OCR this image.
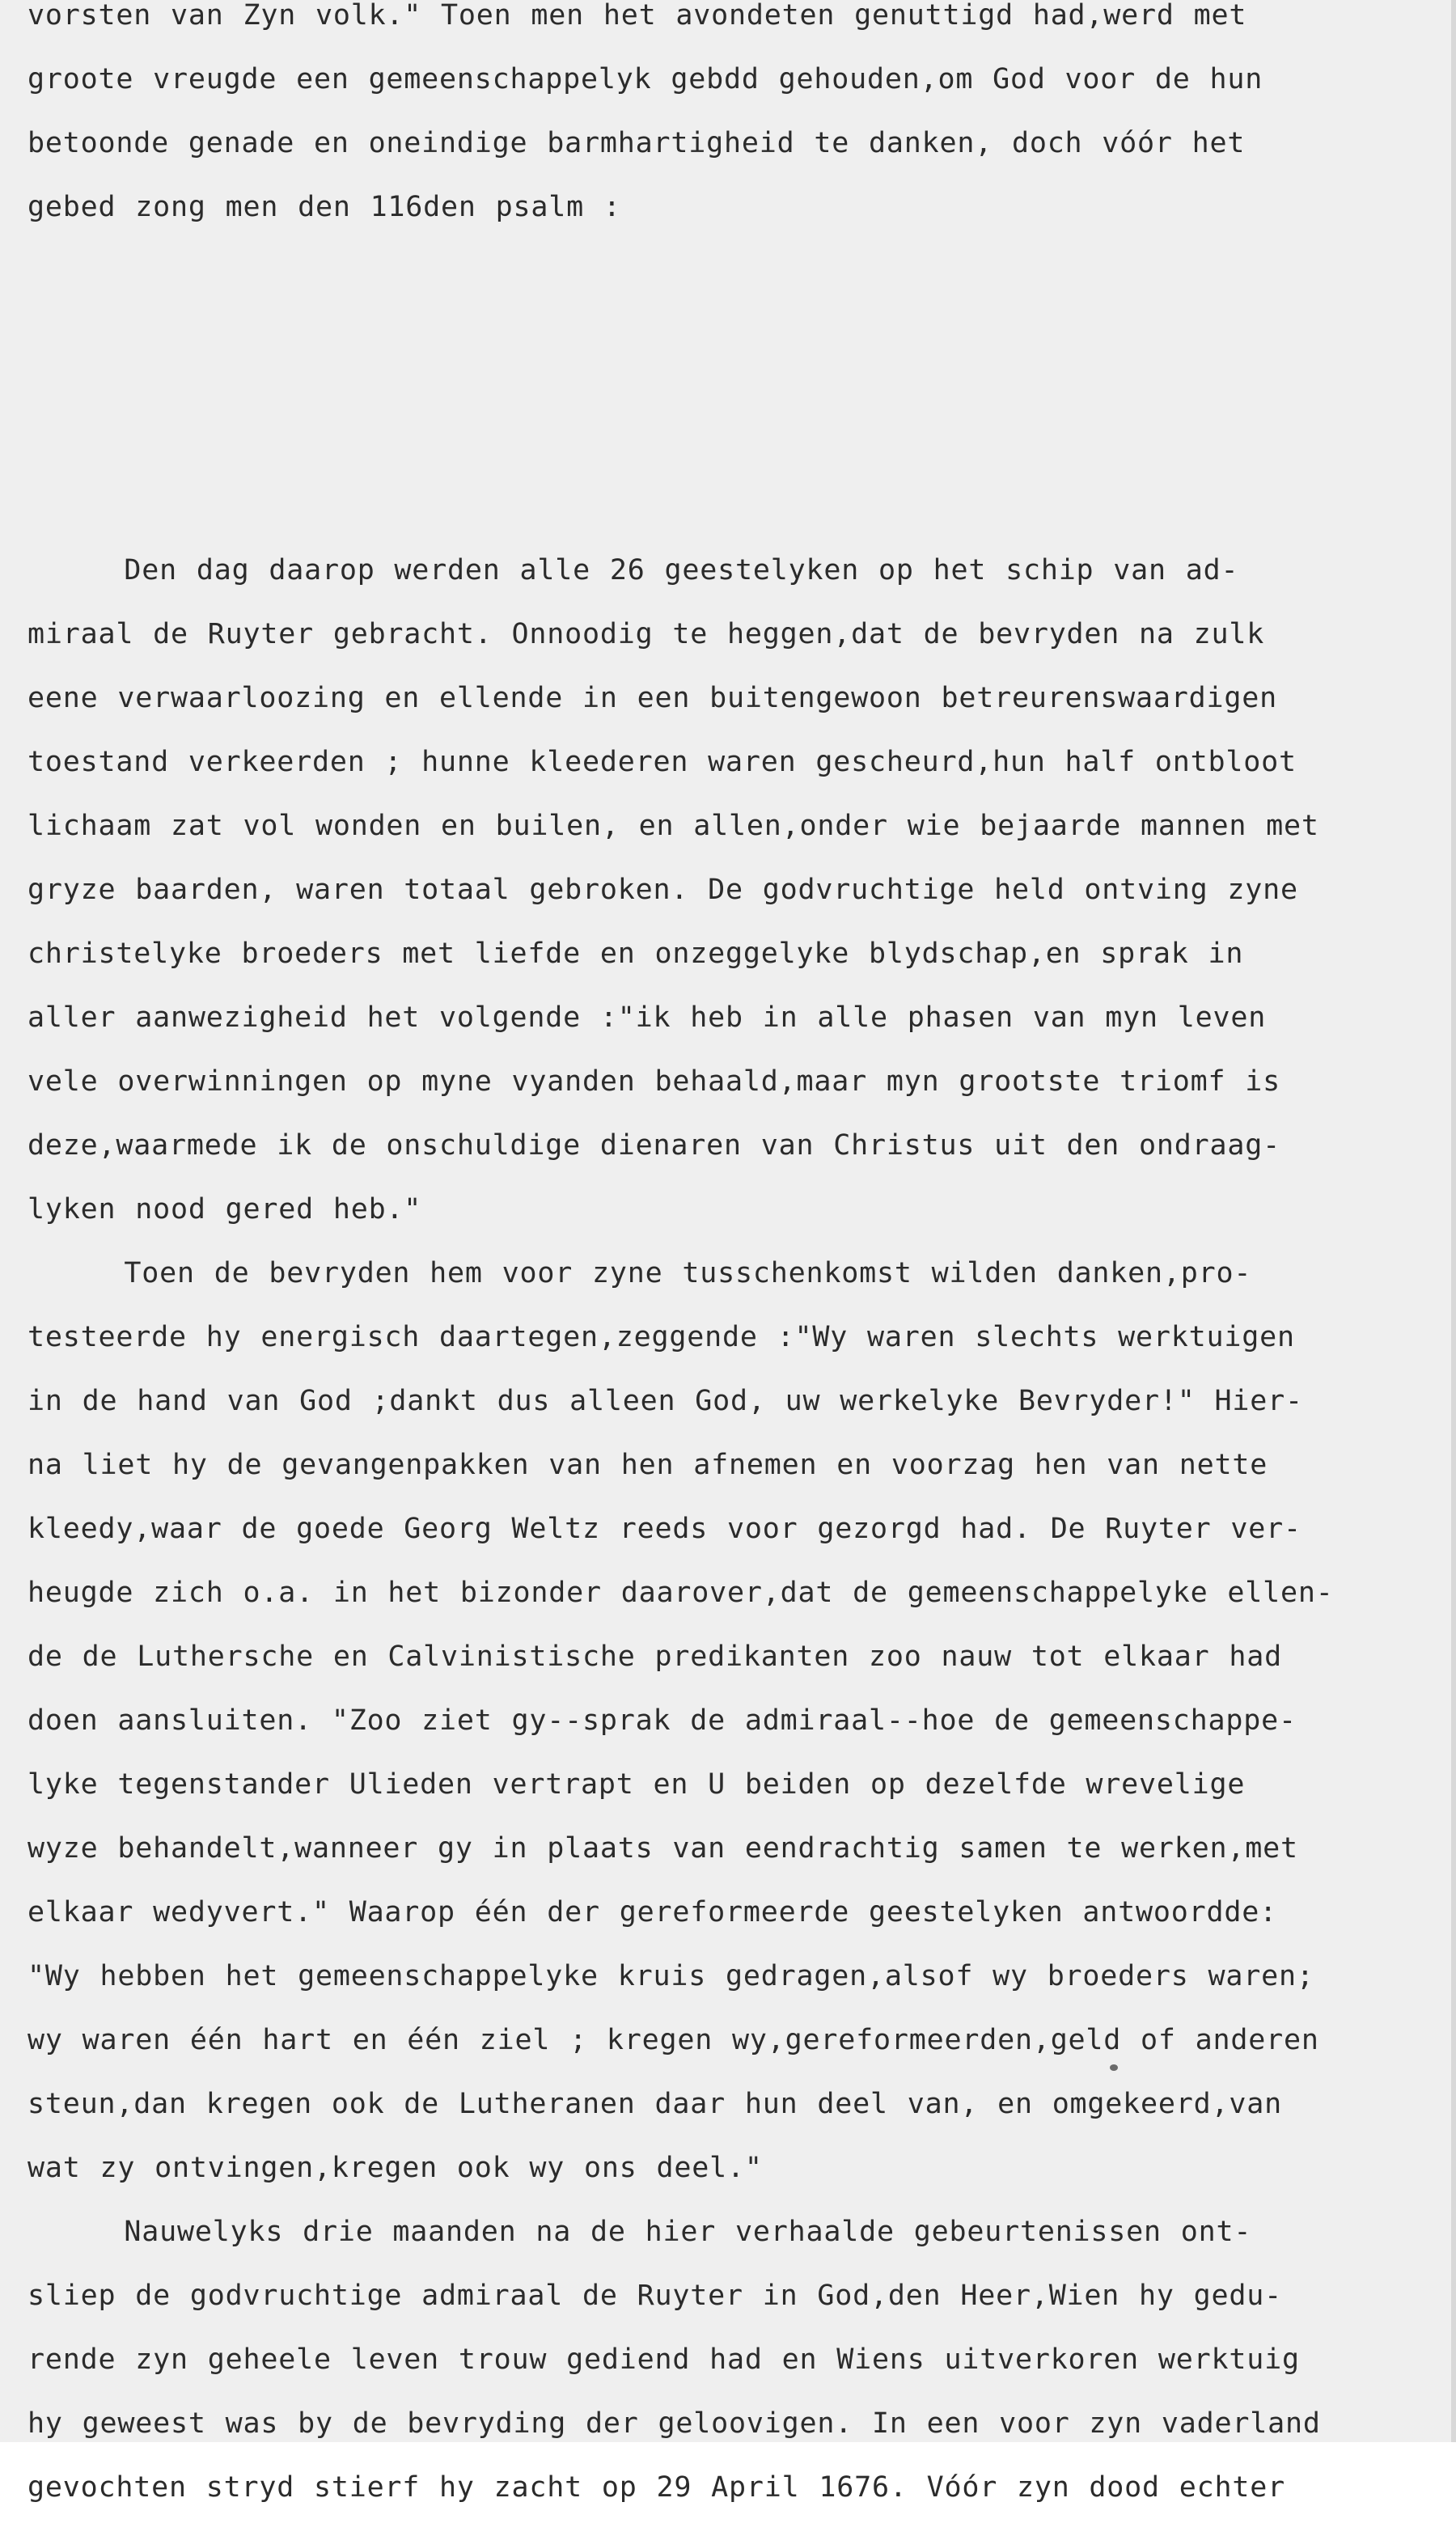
vorsten van Zyn volk." Toen men het avondeten genuttigd had,werd met
groote vreugde een gemeenschappelyk gebdd gehouden,om God voor de hun
betoonde genade en oneindige barmhartigheid te danken, doch vóór het
gebed zong men den 116den psalm :
Den dag daarop werden alle 26 geestelyken op het schip van ad-
miraal de Ruyter gebracht. Onnoodig te heggen,dat de bevryden na zulk
eene verwaarloozing en ellende in een buitengewoon betreurenswaardigen
toestand verkeerden ; hunne kleederen waren gescheurd,hun half ontbloot
lichaam zat vol wonden en builen, en allen,onder wie bejaarde mannen met
gryze baarden, waren totaal gebroken. De godvruchtige held ontving zyne
christelyke broeders met liefde en onzeggelyke blydschap,en sprak in
aller aanwezigheid het volgende :"ik heb in alle phasen van myn leven
vele overwinningen op myne vyanden behaald,maar myn grootste triomf is
deze,waarmede ik de onschuldige dienaren van Christus uit den ondraag-
lyken nood gered heb."
Toen de bevryden hem voor zyne tusschenkomst wilden danken,pro-
testeerde hy energisch daartegen,zeggende :"Wy waren slechts werktuigen
in de hand van God ;dankt dus alleen God, uw werkelyke Bevryder!" Hier-
na liet hy de gevangenpakken van hen afnemen en voorzag hen van nette
kleedy,waar de goede Georg Weltz reeds voor gezorgd had. De Ruyter ver-
heugde zich o.a. in het bizonder daarover,dat de gemeenschappelyke ellen-
de de Luthersche en Calvinistische predikanten zoo nauw tot elkaar had
doen aansluiten. "Zoo ziet gy--sprak de admiraal--hoe de gemeenschappe-
lyke tegenstander Ulieden vertrapt en U beiden op dezelfde wrevelige
wyze behandelt,wanneer gy in plaats van eendrachtig samen te werken,met
elkaar wedyvert." Waarop één der gereformeerde geestelyken antwoordde:
"Wy hebben het gemeenschappelyke kruis gedragen,alsof wy broeders waren;
wy waren één hart en één ziel ; kregen wy,gereformeerden,geld of anderen
steun,dan kregen ook de Lutheranen daar hun deel van, en omgekeerd,van
wat zy ontvingen,kregen ook wy ons deel."
Nauwelyks drie maanden na de hier verhaalde gebeurtenissen ont-
sliep de godvruchtige admiraal de Ruyter in God,den Heer,Wien hy gedu-
rende zyn geheele leven trouw gediend had en Wiens uitverkoren werktuig
hy geweest was by de bevryding der geloovigen. In een voor zyn vaderland
gevochten stryd stierf hy zacht op 29 April 1676. Vóór zyn dood echter
